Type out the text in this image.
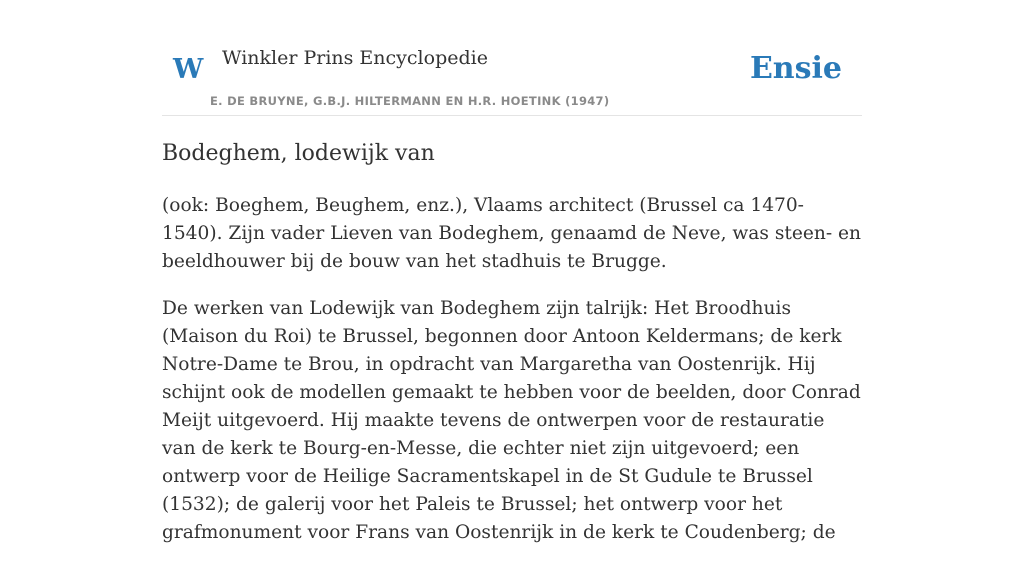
W Winkler Prins Encyclopedie
E. DE BRUYNE, G.B.J. HILTERMANN EN H.R. HOETINK (1947)
Ensie
Bodeghem, lodewijk van

(ook: Boeghem, Beughem, enz.), Vlaams architect (Brussel ca 1470-1540). Zijn vader Lieven van Bodeghem, genaamd de Neve, was steen- en beeldhouwer bij de bouw van het stadhuis te Brugge.

De werken van Lodewijk van Bodeghem zijn talrijk: Het Broodhuis (Maison du Roi) te Brussel, begonnen door Antoon Keldermans; de kerk Notre-Dame te Brou, in opdracht van Margaretha van Oostenrijk. Hij schijnt ook de modellen gemaakt te hebben voor de beelden, door Conrad Meijt uitgevoerd. Hij maakte tevens de ontwerpen voor de restauratie van de kerk te Bourg-en-Messe, die echter niet zijn uitgevoerd; een ontwerp voor de Heilige Sacramentskapel in de St Gudule te Brussel (1532); de galerij voor het Paleis te Brussel; het ontwerp voor het grafmonument voor Frans van Oostenrijk in de kerk te Coudenberg; de
